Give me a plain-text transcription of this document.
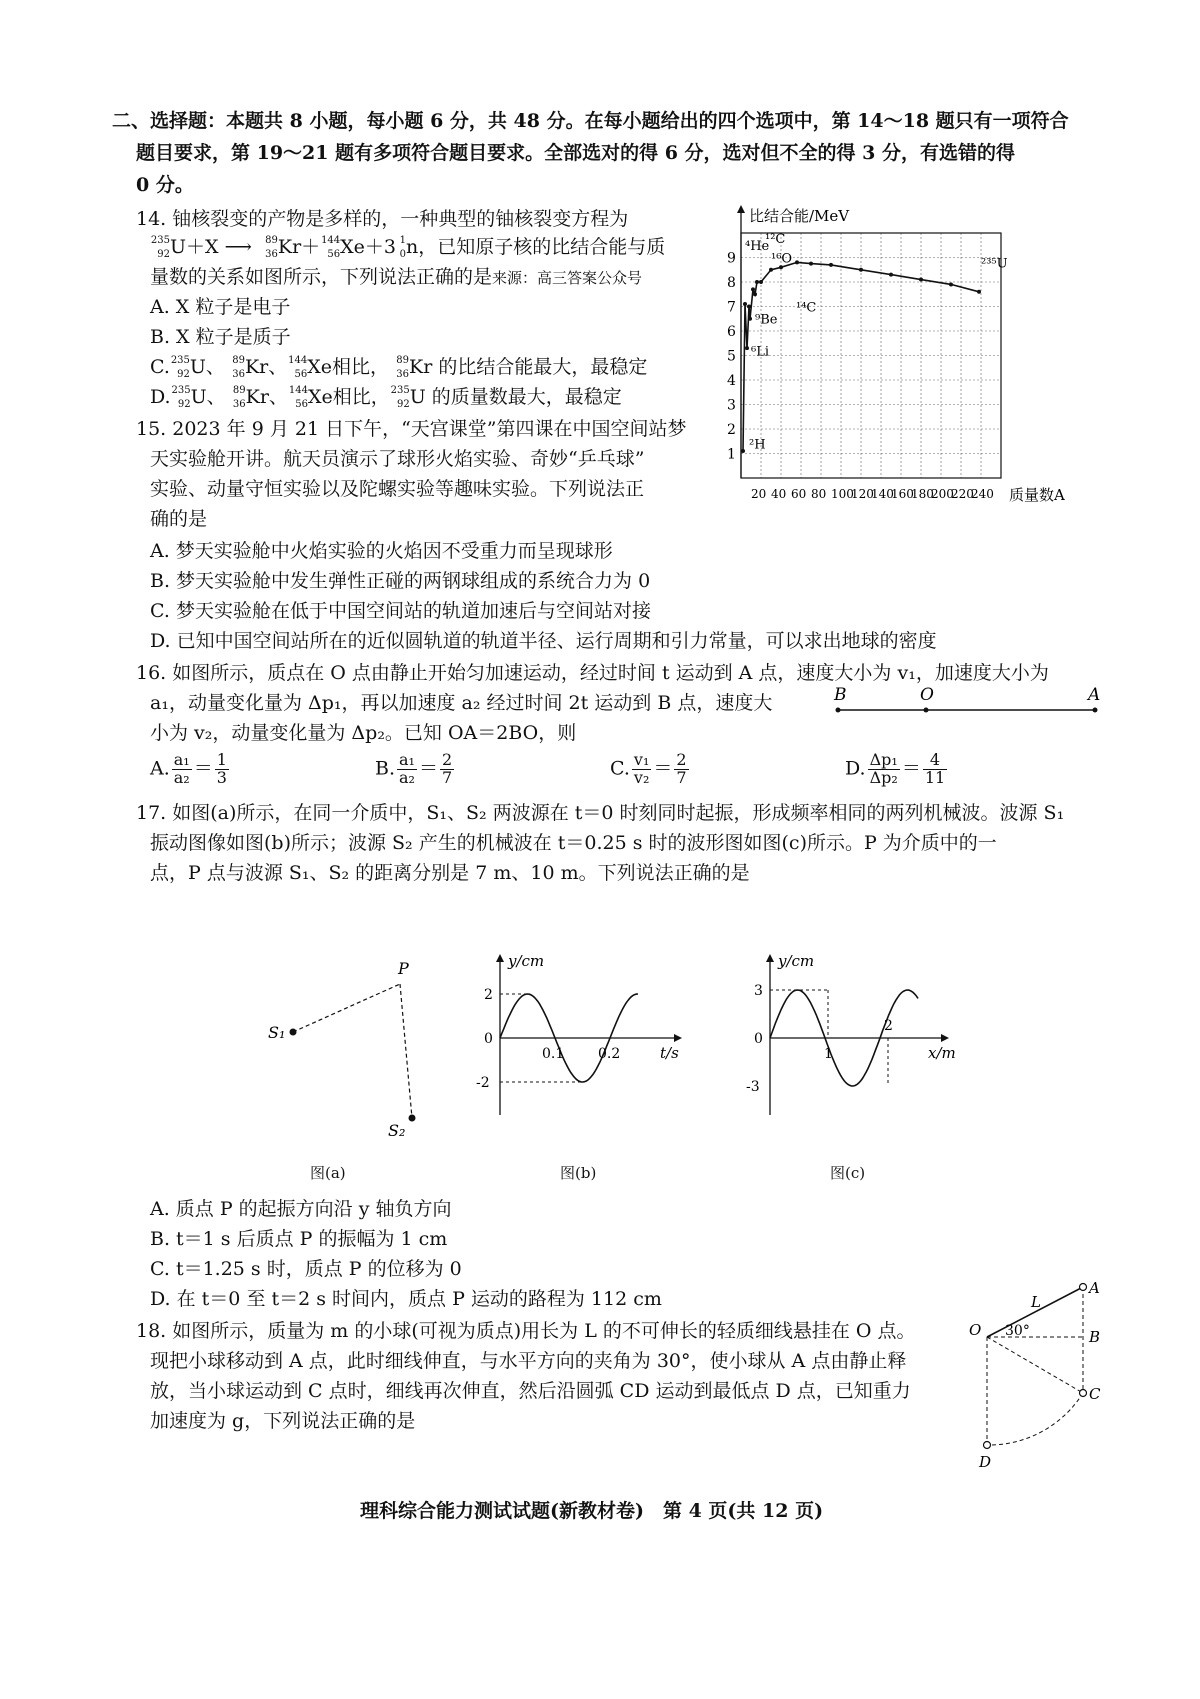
二、选择题：本题共 8 小题，每小题 6 分，共 48 分。在每小题给出的四个选项中，第 14～18 题只有一项符合
题目要求，第 19～21 题有多项符合题目要求。全部选对的得 6 分，选对但不全的得 3 分，有选错的得
0 分。
14. 铀核裂变的产物是多样的，一种典型的铀核裂变方程为
235
92 U＋X ⟶ 89
36 Kr＋ 144
56 Xe＋3 1
0 n，已知原子核的比结合能与质
量数的关系如图所示，下列说法正确的是来源：高三答案公众号
A. X 粒子是电子
B. X 粒子是质子
C. 235
92 U、 89
36 Kr、 144
56 Xe相比， 89
36 Kr 的比结合能最大，最稳定
D. 235
92 U、 89
36 Kr、 144
56 Xe相比， 235
92 U 的质量数最大，最稳定
比结合能/MeV
质量数A
1
2
3
4
5
6
7
8
9
20 40 60 80 100
120
140
160
180
200
220
240
⁴He
¹²C
¹⁶O	²³⁵U
⁹Be
¹⁴C
⁶Li
²H
15. 2023 年 9 月 21 日下午，“天宫课堂”第四课在中国空间站梦
天实验舱开讲。航天员演示了球形火焰实验、奇妙“乒乓球”
实验、动量守恒实验以及陀螺实验等趣味实验。下列说法正
确的是
A. 梦天实验舱中火焰实验的火焰因不受重力而呈现球形
B. 梦天实验舱中发生弹性正碰的两钢球组成的系统合力为 0
C. 梦天实验舱在低于中国空间站的轨道加速后与空间站对接
D. 已知中国空间站所在的近似圆轨道的轨道半径、运行周期和引力常量，可以求出地球的密度
16. 如图所示，质点在 O 点由静止开始匀加速运动，经过时间 t 运动到 A 点，速度大小为 v₁，加速度大小为
a₁，动量变化量为 Δp₁，再以加速度 a₂ 经过时间 2t 运动到 B 点，速度大
小为 v₂，动量变化量为 Δp₂。已知 OA＝2BO，则
B	O	A
A. $\frac{\text{a₁}}{\text{a₂}} = \frac{1}{3}$	B. $\frac{\text{a₁}}{\text{a₂}} = \frac{2}{7}$	C. $\frac{\text{v₁}}{\text{v₂}} = \frac{2}{7}$	D. $\frac{\text{Δp₁}}{\text{Δp₂}} = \frac{4}{11}$
17. 如图(a)所示，在同一介质中，S₁、S₂ 两波源在 t＝0 时刻同时起振，形成频率相同的两列机械波。波源 S₁
振动图像如图(b)所示；波源 S₂ 产生的机械波在 t＝0.25 s 时的波形图如图(c)所示。P 为介质中的一
点，P 点与波源 S₁、S₂ 的距离分别是 7 m、10 m。下列说法正确的是
S₁
P
S₂
图(a)
y/cm
2
0
-2
0.1 0.2	t/s
图(b)
y/cm
3
0
-3
1
2
x/m
图(c)
A. 质点 P 的起振方向沿 y 轴负方向
B. t＝1 s 后质点 P 的振幅为 1 cm
C. t＝1.25 s 时，质点 P 的位移为 0
D. 在 t＝0 至 t＝2 s 时间内，质点 P 运动的路程为 112 cm
18. 如图所示，质量为 m 的小球(可视为质点)用长为 L 的不可伸长的轻质细线悬挂在 O 点。
现把小球移动到 A 点，此时细线伸直，与水平方向的夹角为 30°，使小球从 A 点由静止释
放，当小球运动到 C 点时，细线再次伸直，然后沿圆弧 CD 运动到最低点 D 点，已知重力
加速度为 g，下列说法正确的是
L
A
O 30°	B
C
D
理科综合能力测试试题(新教材卷)　第 4 页(共 12 页)
